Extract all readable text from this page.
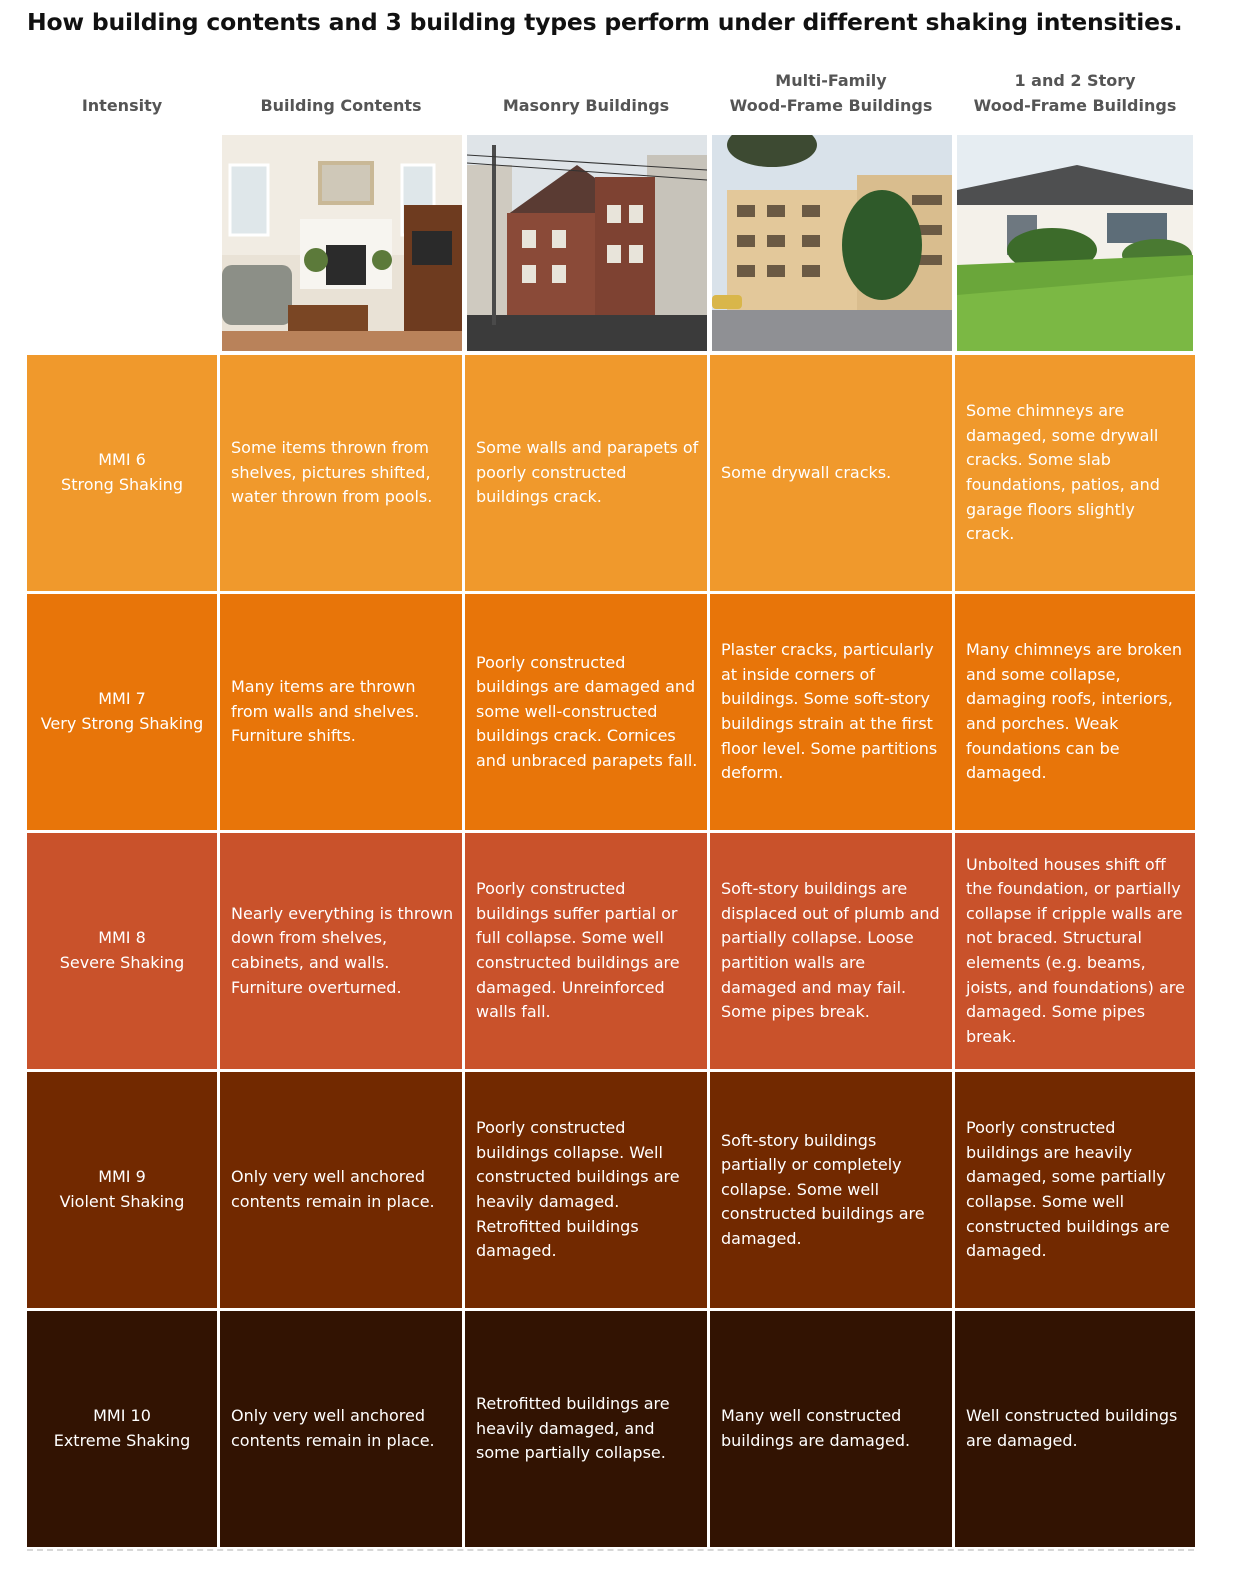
How building contents and 3 building types perform under different shaking intensities.
Intensity	Building Contents	Masonry Buildings
Multi-Family
Wood-Frame Buildings
1 and 2 Story
Wood-Frame Buildings
MMI 6
Strong Shaking
Some items thrown from shelves, pictures shifted, water thrown from pools.
Some walls and parapets of poorly constructed buildings crack.
Some drywall cracks.
Some chimneys are damaged, some drywall cracks. Some slab foundations, patios, and garage floors slightly crack.
MMI 7
Very Strong Shaking
Many items are thrown from walls and shelves. Furniture shifts.
Poorly constructed buildings are damaged and some well-constructed buildings crack. Cornices and unbraced parapets fall.
Plaster cracks, particularly at inside corners of buildings. Some soft-story buildings strain at the first floor level. Some partitions deform.
Many chimneys are broken and some collapse, damaging roofs, interiors, and porches. Weak foundations can be damaged.
MMI 8
Severe Shaking
Nearly everything is thrown down from shelves, cabinets, and walls. Furniture overturned.
Poorly constructed buildings suffer partial or full collapse. Some well constructed buildings are damaged. Unreinforced walls fall.
Soft-story buildings are displaced out of plumb and partially collapse. Loose partition walls are damaged and may fail. Some pipes break.
Unbolted houses shift off the foundation, or partially collapse if cripple walls are not braced. Structural elements (e.g. beams, joists, and foundations) are damaged. Some pipes break.
MMI 9
Violent Shaking
Only very well anchored contents remain in place.
Poorly constructed buildings collapse. Well constructed buildings are heavily damaged. Retrofitted buildings damaged.
Soft-story buildings partially or completely collapse. Some well constructed buildings are damaged.
Poorly constructed buildings are heavily damaged, some partially collapse. Some well constructed buildings are damaged.
MMI 10
Extreme Shaking
Only very well anchored contents remain in place.
Retrofitted buildings are heavily damaged, and some partially collapse.
Many well constructed buildings are damaged.
Well constructed buildings are damaged.
